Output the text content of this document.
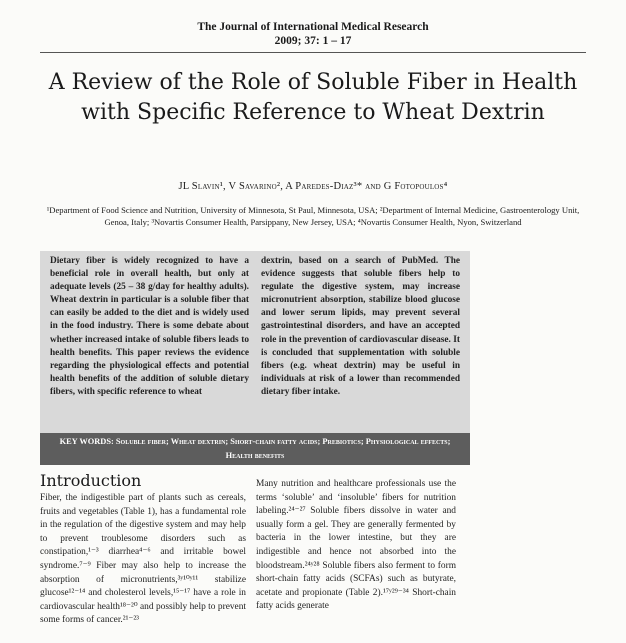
The Journal of International Medical Research
2009; 37: 1 – 17
A Review of the Role of Soluble Fiber in Health with Specific Reference to Wheat Dextrin
JL Slavin¹, V Savarino², A Paredes-Diaz³* and G Fotopoulos⁴
¹Department of Food Science and Nutrition, University of Minnesota, St Paul, Minnesota, USA; ²Department of Internal Medicine, Gastroenterology Unit, Genoa, Italy; ³Novartis Consumer Health, Parsippany, New Jersey, USA; ⁴Novartis Consumer Health, Nyon, Switzerland
Dietary fiber is widely recognized to have a beneficial role in overall health, but only at adequate levels (25 – 38 g/day for healthy adults). Wheat dextrin in particular is a soluble fiber that can easily be added to the diet and is widely used in the food industry. There is some debate about whether increased intake of soluble fibers leads to health benefits. This paper reviews the evidence regarding the physiological effects and potential health benefits of the addition of soluble dietary fibers, with specific reference to wheat
dextrin, based on a search of PubMed. The evidence suggests that soluble fibers help to regulate the digestive system, may increase micronutrient absorption, stabilize blood glucose and lower serum lipids, may prevent several gastrointestinal disorders, and have an accepted role in the prevention of cardiovascular disease. It is concluded that supplementation with soluble fibers (e.g. wheat dextrin) may be useful in individuals at risk of a lower than recommended dietary fiber intake.
KEY WORDS: Soluble fiber; Wheat dextrin; Short-chain fatty acids; Prebiotics; Physiological effects; Health benefits
Introduction
Fiber, the indigestible part of plants such as cereals, fruits and vegetables (Table 1), has a fundamental role in the regulation of the digestive system and may help to prevent troublesome disorders such as constipation,¹⁻³ diarrhea⁴⁻⁶ and irritable bowel syndrome.⁷⁻⁹ Fiber may also help to increase the absorption of micronutrients,³ʸ¹⁰ʸ¹¹ stabilize glucose¹²⁻¹⁴ and cholesterol levels,¹⁵⁻¹⁷ have a role in cardiovascular health¹⁸⁻²⁰ and possibly help to prevent some forms of cancer.²¹⁻²³
Many nutrition and healthcare professionals use the terms ‘soluble’ and ‘insoluble’ fibers for nutrition labeling.²⁴⁻²⁷ Soluble fibers dissolve in water and usually form a gel. They are generally fermented by bacteria in the lower intestine, but they are indigestible and hence not absorbed into the bloodstream.²⁴ʸ²⁸ Soluble fibers also ferment to form short-chain fatty acids (SCFAs) such as butyrate, acetate and propionate (Table 2).¹⁷ʸ²⁹⁻³⁴ Short-chain fatty acids generate
